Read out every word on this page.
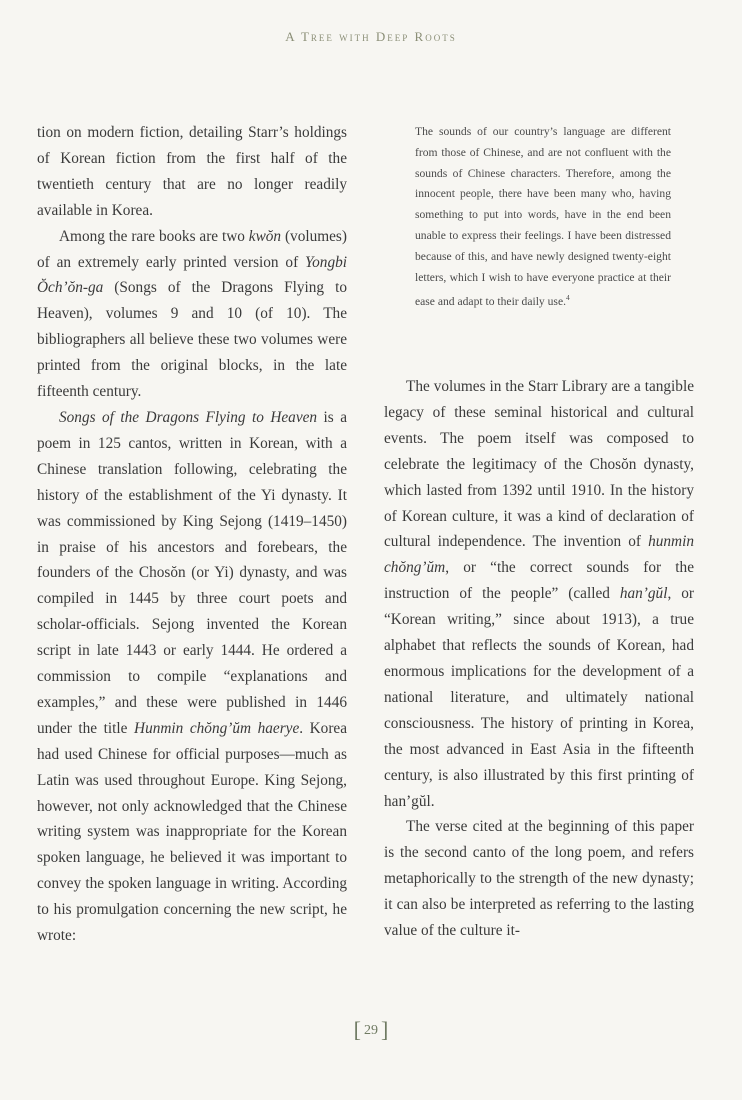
A Tree with Deep Roots

tion on modern fiction, detailing Starr’s holdings of Korean fiction from the first half of the twentieth century that are no longer readily available in Korea.

Among the rare books are two kwŏn (volumes) of an extremely early printed version of Yongbi Ŏch’ŏn-ga (Songs of the Dragons Flying to Heaven), volumes 9 and 10 (of 10). The bibliographers all believe these two volumes were printed from the original blocks, in the late fifteenth century.

Songs of the Dragons Flying to Heaven is a poem in 125 cantos, written in Korean, with a Chinese translation following, celebrating the history of the establishment of the Yi dynasty. It was commissioned by King Sejong (1419–1450) in praise of his ancestors and forebears, the founders of the Chosŏn (or Yi) dynasty, and was compiled in 1445 by three court poets and scholar-officials. Sejong invented the Korean script in late 1443 or early 1444. He ordered a commission to compile “explanations and examples,” and these were published in 1446 under the title Hunmin chŏng’ŭm haerye. Korea had used Chinese for official purposes—much as Latin was used throughout Europe. King Sejong, however, not only acknowledged that the Chinese writing system was inappropriate for the Korean spoken language, he believed it was important to convey the spoken language in writing. According to his promulgation concerning the new script, he wrote:

The sounds of our country’s language are different from those of Chinese, and are not confluent with the sounds of Chinese characters. Therefore, among the innocent people, there have been many who, having something to put into words, have in the end been unable to express their feelings. I have been distressed because of this, and have newly designed twenty-eight letters, which I wish to have everyone practice at their ease and adapt to their daily use.$^4$

The volumes in the Starr Library are a tangible legacy of these seminal historical and cultural events. The poem itself was composed to celebrate the legitimacy of the Chosŏn dynasty, which lasted from 1392 until 1910. In the history of Korean culture, it was a kind of declaration of cultural independence. The invention of hunmin chŏng’ŭm, or “the correct sounds for the instruction of the people” (called han’gŭl, or “Korean writing,” since about 1913), a true alphabet that reflects the sounds of Korean, had enormous implications for the development of a national literature, and ultimately national consciousness. The history of printing in Korea, the most advanced in East Asia in the fifteenth century, is also illustrated by this first printing of han’gŭl.

The verse cited at the beginning of this paper is the second canto of the long poem, and refers metaphorically to the strength of the new dynasty; it can also be interpreted as referring to the lasting value of the culture it-

[ 29 ]
